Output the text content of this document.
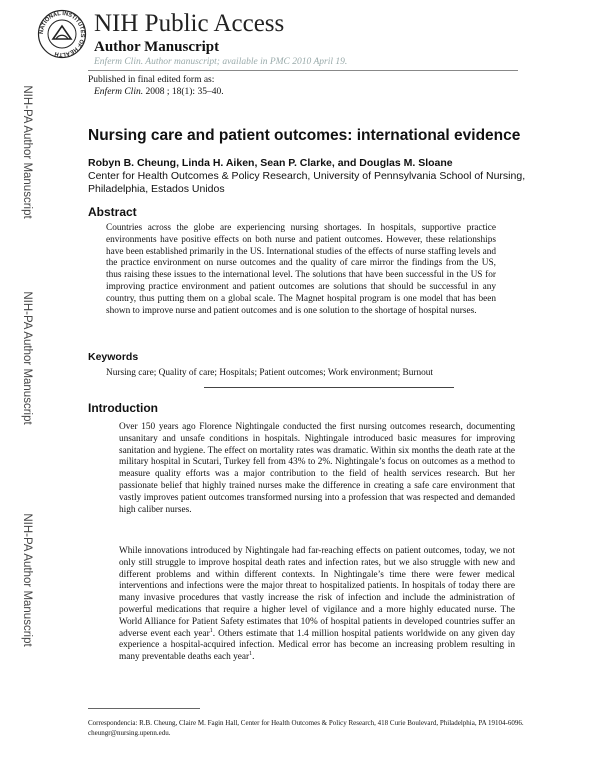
NATIONAL INSTITUTES OF HEALTH
NIH Public Access
Author Manuscript
Enferm Clin. Author manuscript; available in PMC 2010 April 19.
Published in final edited form as:
Enferm Clin. 2008 ; 18(1): 35–40.
NIH-PA Author Manuscript
NIH-PA Author Manuscript
NIH-PA Author Manuscript
Nursing care and patient outcomes: international evidence
Robyn B. Cheung, Linda H. Aiken, Sean P. Clarke, and Douglas M. Sloane
Center for Health Outcomes & Policy Research, University of Pennsylvania School of Nursing, Philadelphia, Estados Unidos
Abstract
Countries across the globe are experiencing nursing shortages. In hospitals, supportive practice environments have positive effects on both nurse and patient outcomes. However, these relationships have been established primarily in the US. International studies of the effects of nurse staffing levels and the practice environment on nurse outcomes and the quality of care mirror the findings from the US, thus raising these issues to the international level. The solutions that have been successful in the US for improving practice environment and patient outcomes are solutions that should be successful in any country, thus putting them on a global scale. The Magnet hospital program is one model that has been shown to improve nurse and patient outcomes and is one solution to the shortage of hospital nurses.
Keywords
Nursing care; Quality of care; Hospitals; Patient outcomes; Work environment; Burnout
Introduction
Over 150 years ago Florence Nightingale conducted the first nursing outcomes research, documenting unsanitary and unsafe conditions in hospitals. Nightingale introduced basic measures for improving sanitation and hygiene. The effect on mortality rates was dramatic. Within six months the death rate at the military hospital in Scutari, Turkey fell from 43% to 2%. Nightingale’s focus on outcomes as a method to measure quality efforts was a major contribution to the field of health services research. But her passionate belief that highly trained nurses make the difference in creating a safe care environment that vastly improves patient outcomes transformed nursing into a profession that was respected and demanded high caliber nurses.
While innovations introduced by Nightingale had far-reaching effects on patient outcomes, today, we not only still struggle to improve hospital death rates and infection rates, but we also struggle with new and different problems and within different contexts. In Nightingale’s time there were fewer medical interventions and infections were the major threat to hospitalized patients. In hospitals of today there are many invasive procedures that vastly increase the risk of infection and include the administration of powerful medications that require a higher level of vigilance and a more highly educated nurse. The World Alliance for Patient Safety estimates that 10% of hospital patients in developed countries suffer an adverse event each year$^1$. Others estimate that 1.4 million hospital patients worldwide on any given day experience a hospital-acquired infection. Medical error has become an increasing problem resulting in many preventable deaths each year$^1$.
Correspondencia: R.B. Cheung, Claire M. Fagin Hall, Center for Health Outcomes & Policy Research, 418 Curie Boulevard, Philadelphia, PA 19104-6096. cheungr@nursing.upenn.edu.
